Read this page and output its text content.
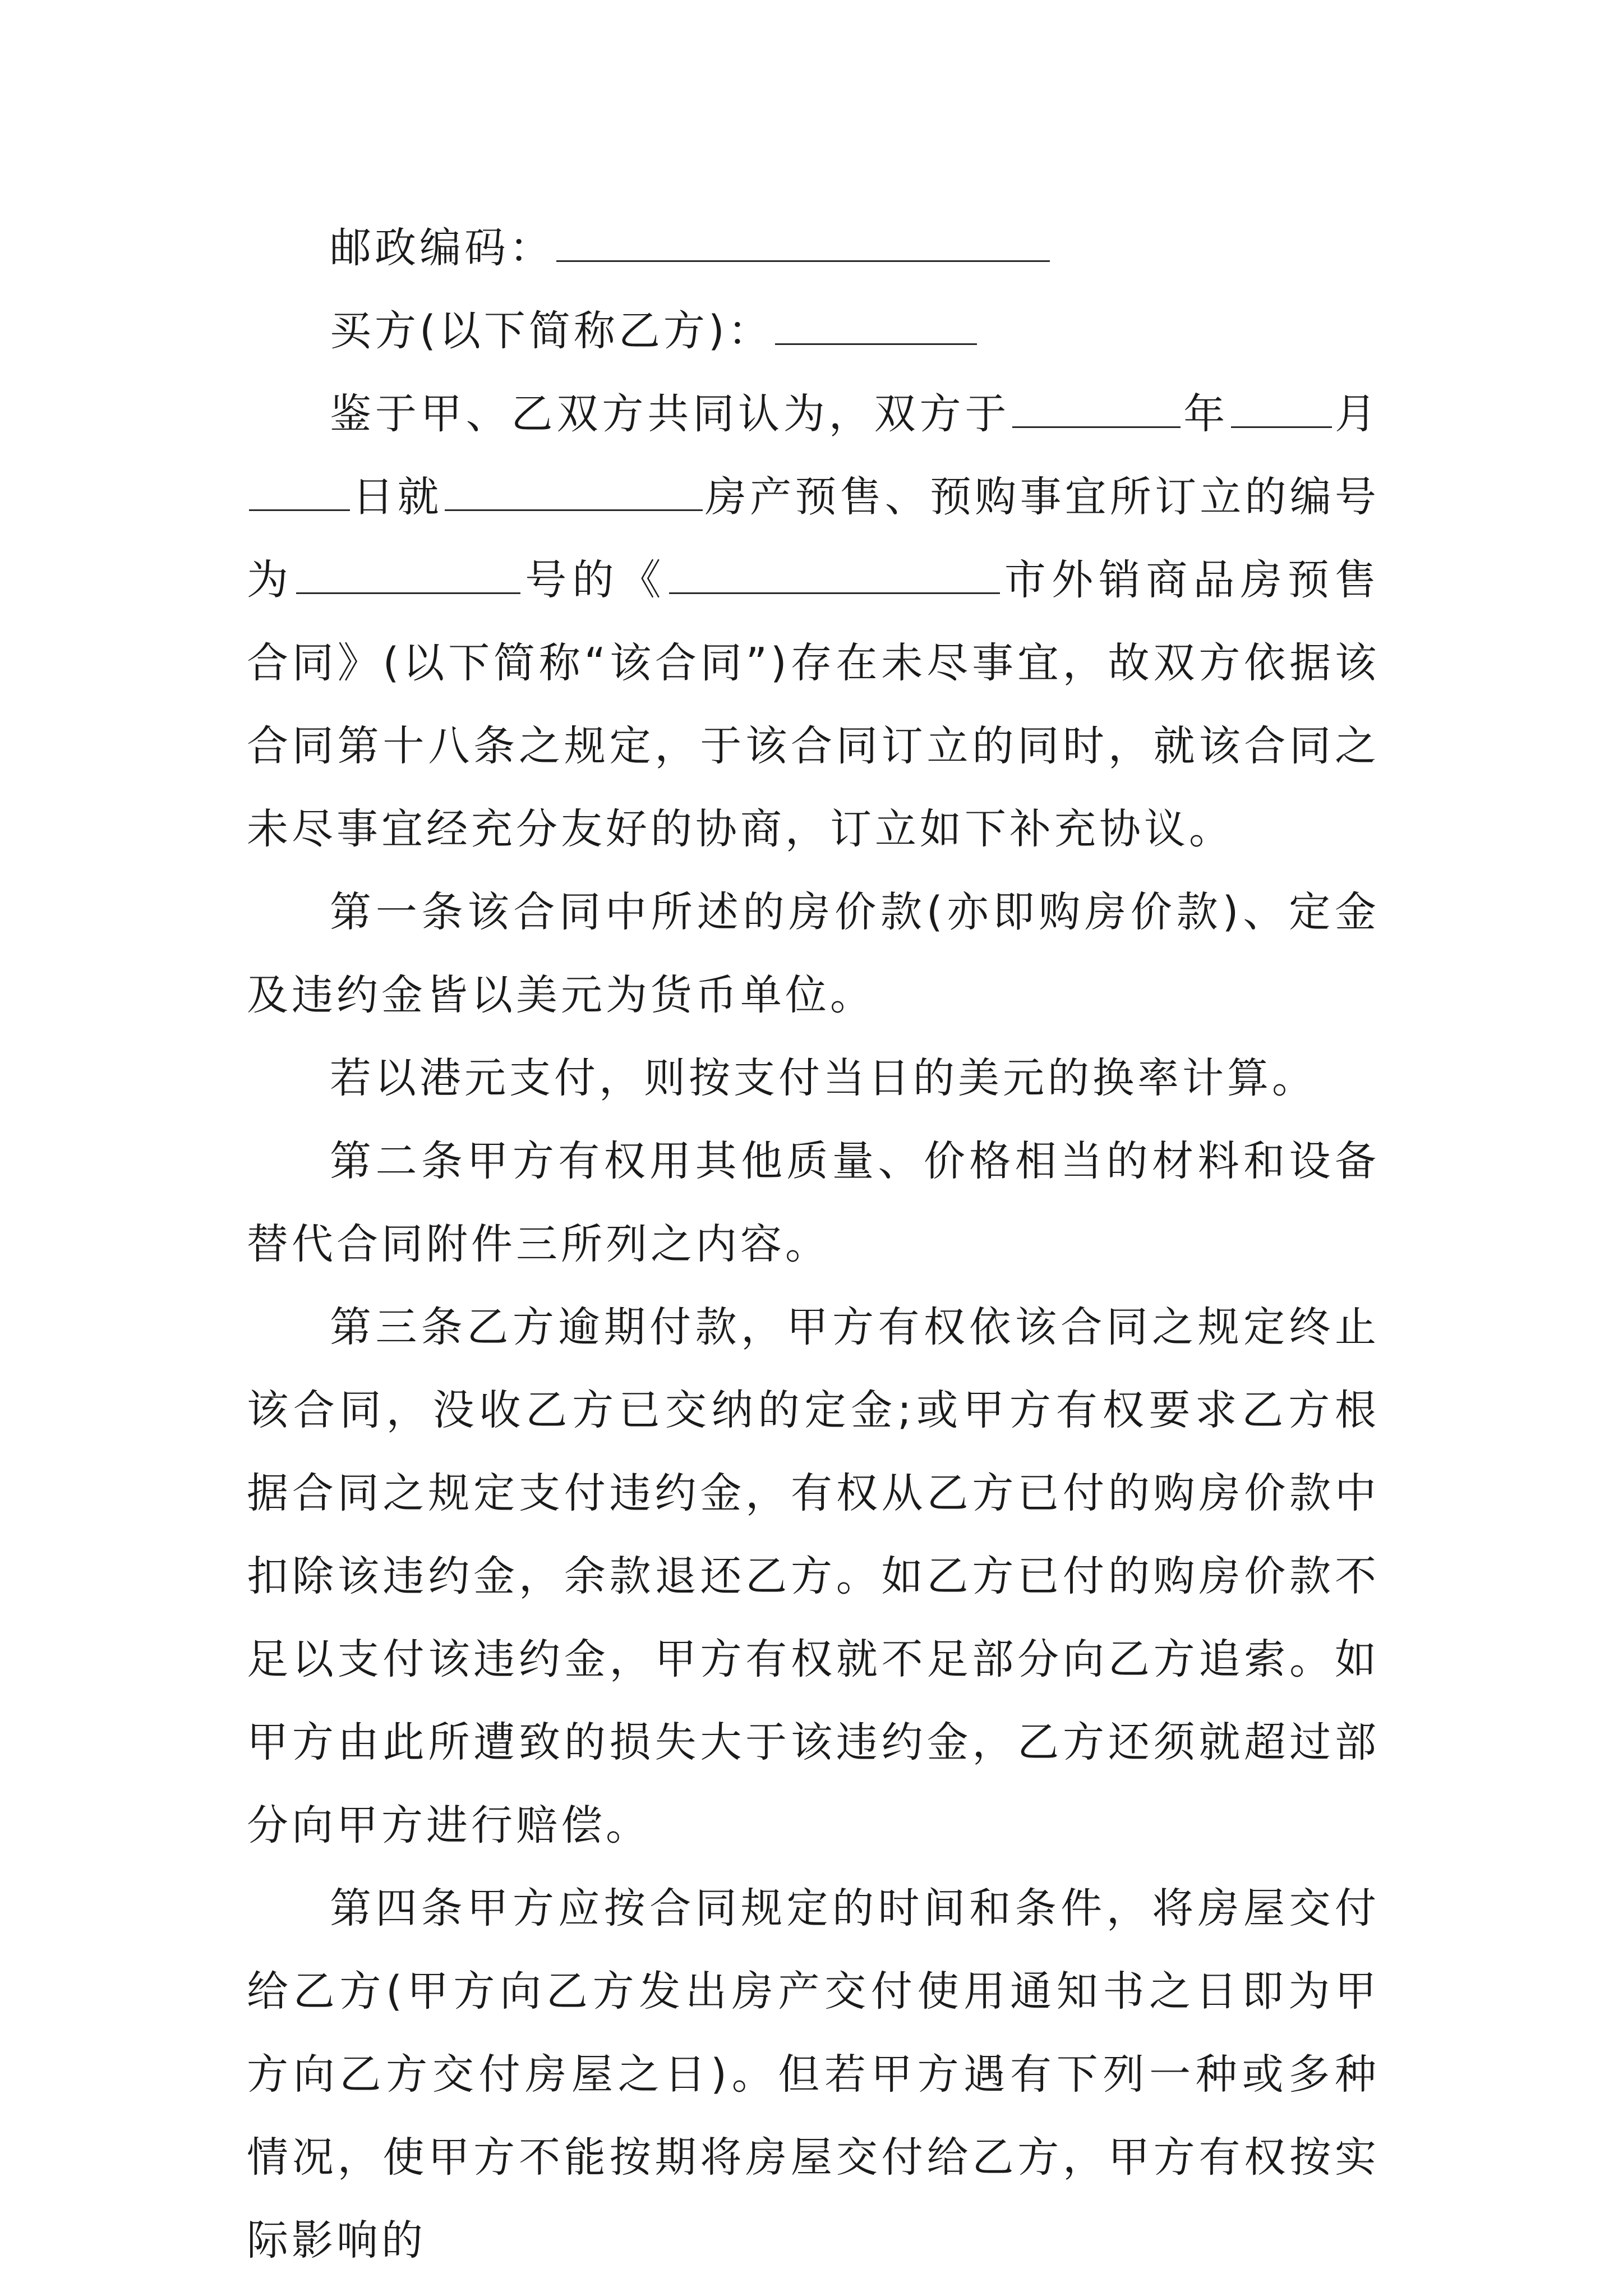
邮政编码：

买方(以下简称乙方)：

鉴于甲、乙双方共同认为，双方于	年	月日就	房产预售、预购事宜所订立的编号为	号的《	市外销商品房预售合同》(以下简称“该合同”)存在未尽事宜，故双方依据该合同第十八条之规定，于该合同订立的同时，就该合同之未尽事宜经充分友好的协商，订立如下补充协议。

第一条该合同中所述的房价款(亦即购房价款)、定金及违约金皆以美元为货币单位。

若以港元支付，则按支付当日的美元的换率计算。

第二条甲方有权用其他质量、价格相当的材料和设备替代合同附件三所列之内容。

第三条乙方逾期付款，甲方有权依该合同之规定终止该合同，没收乙方已交纳的定金;或甲方有权要求乙方根据合同之规定支付违约金，有权从乙方已付的购房价款中扣除该违约金，余款退还乙方。如乙方已付的购房价款不足以支付该违约金，甲方有权就不足部分向乙方追索。如甲方由此所遭致的损失大于该违约金，乙方还须就超过部分向甲方进行赔偿。

第四条甲方应按合同规定的时间和条件，将房屋交付给乙方(甲方向乙方发出房产交付使用通知书之日即为甲方向乙方交付房屋之日)。但若甲方遇有下列一种或多种情况，使甲方不能按期将房屋交付给乙方，甲方有权按实际影响的
